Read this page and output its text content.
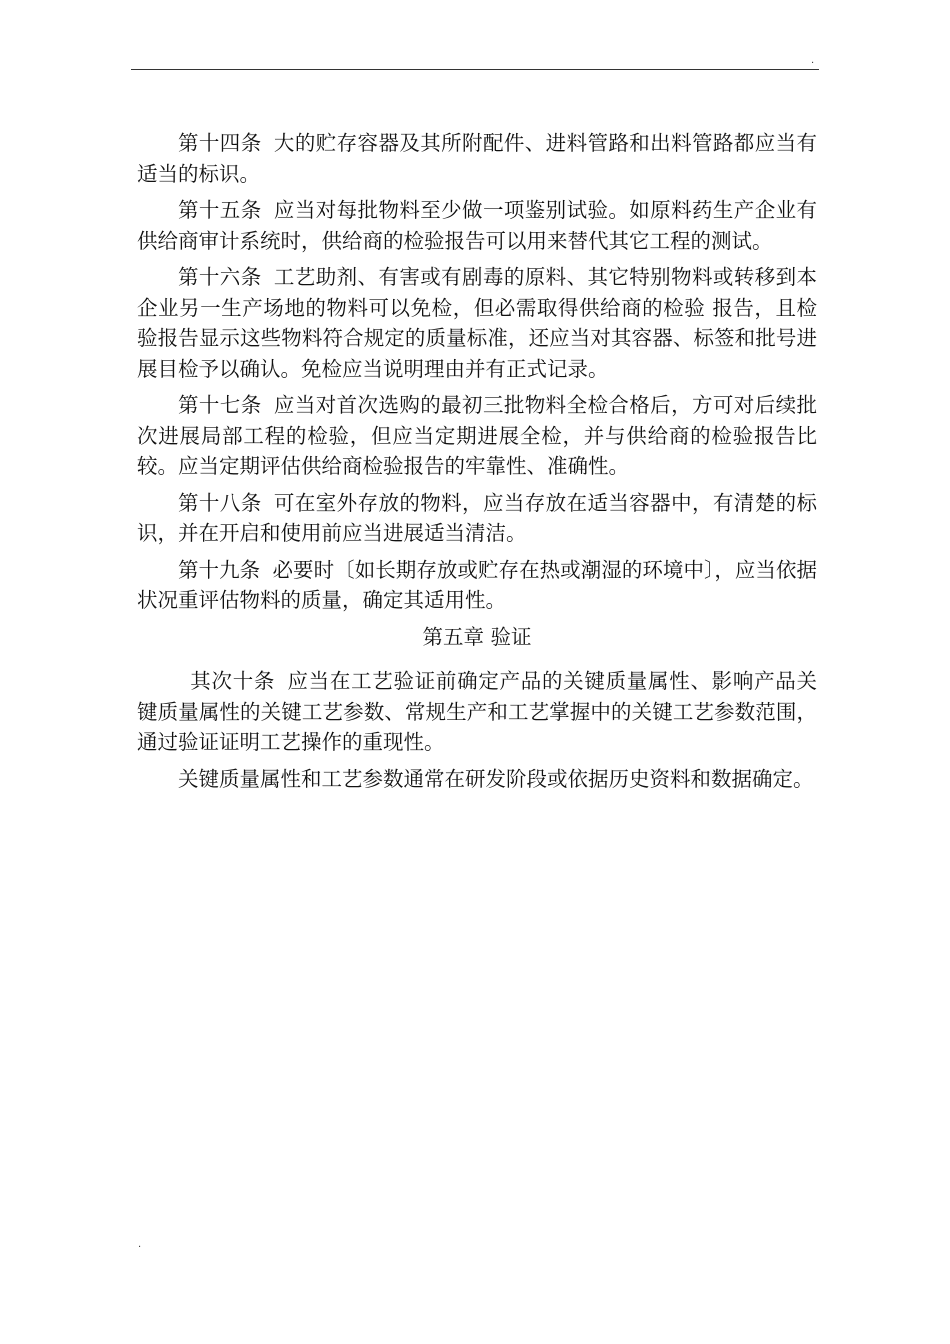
.

第十四条 大的贮存容器及其所附配件、进料管路和出料管路都应当有适当的标识。

第十五条 应当对每批物料至少做一项鉴别试验。如原料药生产企业有供给商审计系统时，供给商的检验报告可以用来替代其它工程的测试。

第十六条 工艺助剂、有害或有剧毒的原料、其它特别物料或转移到本企业另一生产场地的物料可以免检，但必需取得供给商的检验 报告，且检验报告显示这些物料符合规定的质量标准，还应当对其容器、标签和批号进展目检予以确认。免检应当说明理由并有正式记录。

第十七条 应当对首次选购的最初三批物料全检合格后，方可对后续批次进展局部工程的检验，但应当定期进展全检，并与供给商的检验报告比较。应当定期评估供给商检验报告的牢靠性、准确性。

第十八条 可在室外存放的物料，应当存放在适当容器中，有清楚的标识，并在开启和使用前应当进展适当清洁。

第十九条 必要时〔如长期存放或贮存在热或潮湿的环境中〕，应当依据状况重评估物料的质量，确定其适用性。

第五章 验证

其次十条 应当在工艺验证前确定产品的关键质量属性、影响产品关键质量属性的关键工艺参数、常规生产和工艺掌握中的关键工艺参数范围，通过验证证明工艺操作的重现性。

关键质量属性和工艺参数通常在研发阶段或依据历史资料和数据确定。

.
